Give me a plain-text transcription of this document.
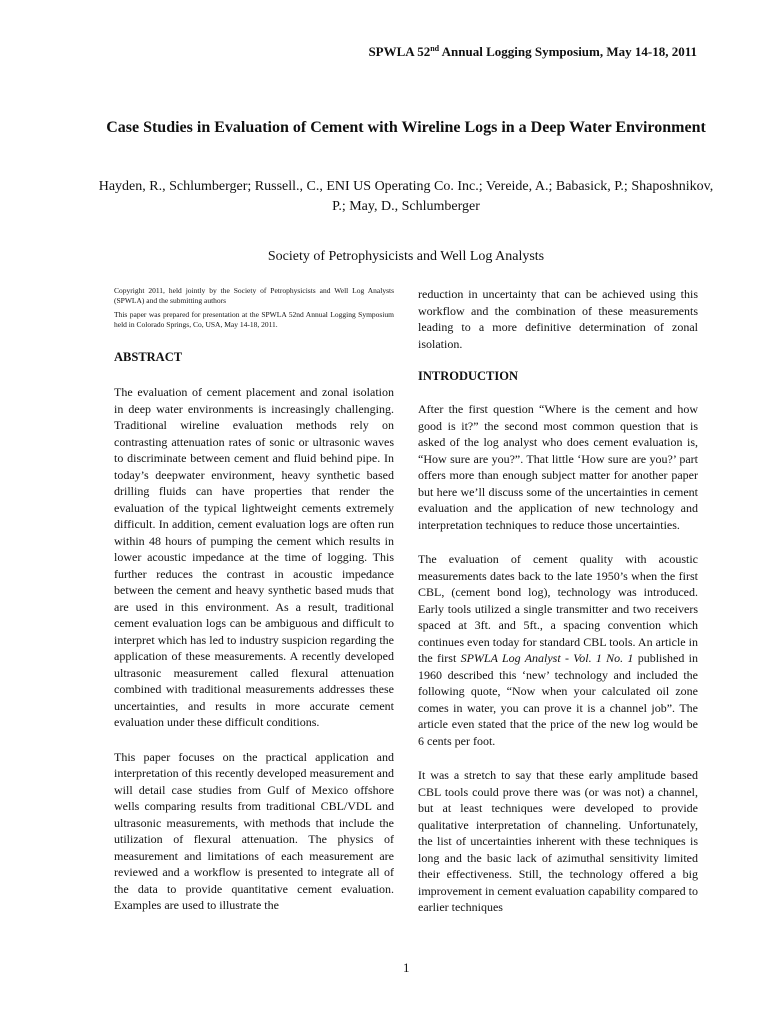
SPWLA 52nd Annual Logging Symposium, May 14-18, 2011
Case Studies in Evaluation of Cement with Wireline Logs in a Deep Water Environment
Hayden, R., Schlumberger; Russell., C., ENI US Operating Co. Inc.; Vereide, A.; Babasick, P.; Shaposhnikov, P.; May, D., Schlumberger
Society of Petrophysicists and Well Log Analysts

Copyright 2011, held jointly by the Society of Petrophysicists and Well Log Analysts (SPWLA) and the submitting authors

This paper was prepared for presentation at the SPWLA 52nd Annual Logging Symposium held in Colorado Springs, Co, USA, May 14-18, 2011.

ABSTRACT

The evaluation of cement placement and zonal isolation in deep water environments is increasingly challenging. Traditional wireline evaluation methods rely on contrasting attenuation rates of sonic or ultrasonic waves to discriminate between cement and fluid behind pipe. In today’s deepwater environment, heavy synthetic based drilling fluids can have properties that render the evaluation of the typical lightweight cements extremely difficult. In addition, cement evaluation logs are often run within 48 hours of pumping the cement which results in lower acoustic impedance at the time of logging. This further reduces the contrast in acoustic impedance between the cement and heavy synthetic based muds that are used in this environment. As a result, traditional cement evaluation logs can be ambiguous and difficult to interpret which has led to industry suspicion regarding the application of these measurements. A recently developed ultrasonic measurement called flexural attenuation combined with traditional measurements addresses these uncertainties, and results in more accurate cement evaluation under these difficult conditions.

This paper focuses on the practical application and interpretation of this recently developed measurement and will detail case studies from Gulf of Mexico offshore wells comparing results from traditional CBL/VDL and ultrasonic measurements, with methods that include the utilization of flexural attenuation. The physics of measurement and limitations of each measurement are reviewed and a workflow is presented to integrate all of the data to provide quantitative cement evaluation. Examples are used to illustrate the

reduction in uncertainty that can be achieved using this workflow and the combination of these measurements leading to a more definitive determination of zonal isolation.

INTRODUCTION

After the first question “Where is the cement and how good is it?” the second most common question that is asked of the log analyst who does cement evaluation is, “How sure are you?”. That little ‘How sure are you?’ part offers more than enough subject matter for another paper but here we’ll discuss some of the uncertainties in cement evaluation and the application of new technology and interpretation techniques to reduce those uncertainties.

The evaluation of cement quality with acoustic measurements dates back to the late 1950’s when the first CBL, (cement bond log), technology was introduced. Early tools utilized a single transmitter and two receivers spaced at 3ft. and 5ft., a spacing convention which continues even today for standard CBL tools. An article in the first SPWLA Log Analyst - Vol. 1 No. 1 published in 1960 described this ‘new’ technology and included the following quote, “Now when your calculated oil zone comes in water, you can prove it is a channel job”. The article even stated that the price of the new log would be 6 cents per foot.

It was a stretch to say that these early amplitude based CBL tools could prove there was (or was not) a channel, but at least techniques were developed to provide qualitative interpretation of channeling. Unfortunately, the list of uncertainties inherent with these techniques is long and the basic lack of azimuthal sensitivity limited their effectiveness. Still, the technology offered a big improvement in cement evaluation capability compared to earlier techniques

1
